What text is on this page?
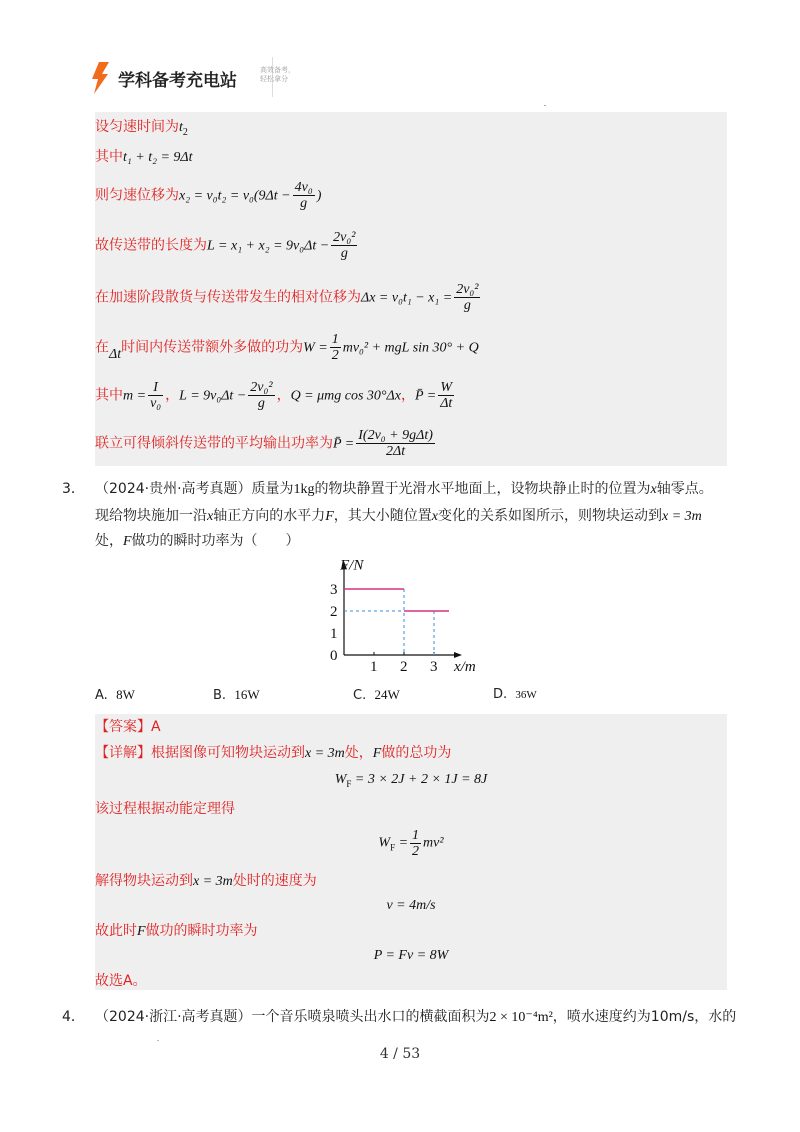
学科备考充电站
高效备考，轻松拿分
设匀速时间为$t_2$
其中t₁ + t₂ = 9Δt
则匀速位移为$x_2 = v_0t_2 = v_0(9\Delta t - \frac{\text{4v₀}}{g}$ )
故传送带的长度为$L = x_1 + x_2 = 9v_0\Delta t - \frac{\text{2v₀²}}{g}$
在加速阶段散货与传送带发生的相对位移为$\Delta x = v_0t_1 - x_1 = \frac{\text{2v₀²}}{g}$
在Δt时间内传送带额外多做的功为$W = \frac{1}{2} mv_0^2$ + mgL sin 30° + Q
其中$m = \frac{I}{\text{v₀}}$ ，$L = 9v_0\Delta t - \frac{\text{2v₀²}}{g}$ ，Q = μmg cos 30°Δx，P̄ = $\frac{W}{\Delta t}$
联立可得倾斜传送带的平均输出功率为P̄ = $\frac{\text{I(2v₀ + 9gΔt)}}{2\Delta t}$
3． （2024·贵州·高考真题）质量为1kg的物块静置于光滑水平地面上，设物块静止时的位置为x轴零点。
现给物块施加一沿x轴正方向的水平力F，其大小随位置x变化的关系如图所示，则物块运动到x = 3m
处，F做功的瞬时功率为（　　）
F/N
x/m
0
1
2
3
1 2 3
A. 8W	B. 16W	C. 24W	D. 36W
【答案】A
【详解】根据图像可知物块运动到x = 3m处，F做的总功为
$W_F = 3 \times 2J + 2 \times 1J = 8J$
该过程根据动能定理得
$W_F = \frac{1}{2} mv^2$
解得物块运动到x = 3m处时的速度为
v = 4m/s
故此时F做功的瞬时功率为
P = Fv = 8W
故选A。
4． （2024·浙江·高考真题）一个音乐喷泉喷头出水口的横截面积为2 × 10⁻⁴m²，喷水速度约为10m/s，水的
4 / 53
